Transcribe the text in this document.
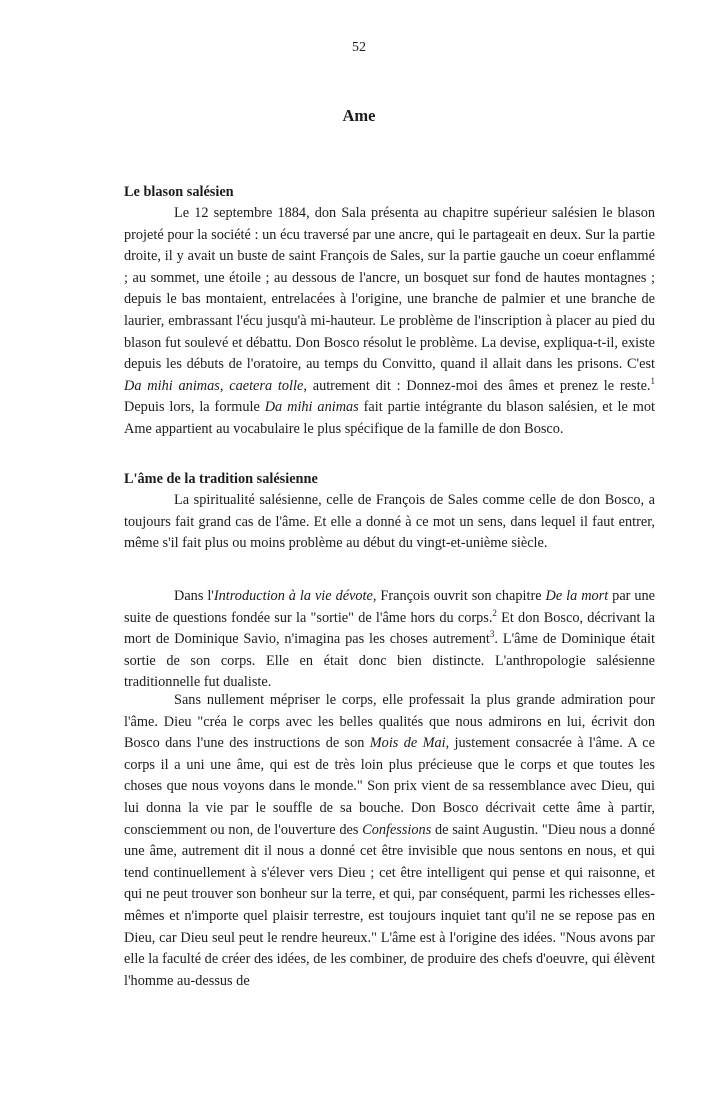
52
Ame

Le blason salésien

Le 12 septembre 1884, don Sala présenta au chapitre supérieur salésien le blason projeté pour la société : un écu traversé par une ancre, qui le partageait en deux. Sur la partie droite, il y avait un buste de saint François de Sales, sur la partie gauche un coeur enflammé ; au sommet, une étoile ; au dessous de l'ancre, un bosquet sur fond de hautes montagnes ; depuis le bas montaient, entrelacées à l'origine, une branche de palmier et une branche de laurier, embrassant l'écu jusqu'à mi-hauteur. Le problème de l'inscription à placer au pied du blason fut soulevé et débattu. Don Bosco résolut le problème. La devise, expliqua-t-il, existe depuis les débuts de l'oratoire, au temps du Convitto, quand il allait dans les prisons. C'est Da mihi animas, caetera tolle, autrement dit : Donnez-moi des âmes et prenez le reste.$^1$ Depuis lors, la formule Da mihi animas fait partie intégrante du blason salésien, et le mot Ame appartient au vocabulaire le plus spécifique de la famille de don Bosco.

L'âme de la tradition salésienne

La spiritualité salésienne, celle de François de Sales comme celle de don Bosco, a toujours fait grand cas de l'âme. Et elle a donné à ce mot un sens, dans lequel il faut entrer, même s'il fait plus ou moins problème au début du vingt-et-unième siècle.

Dans l'Introduction à la vie dévote, François ouvrit son chapitre De la mort par une suite de questions fondée sur la "sortie" de l'âme hors du corps.$^2$ Et don Bosco, décrivant la mort de Dominique Savio, n'imagina pas les choses autrement$^3$. L'âme de Dominique était sortie de son corps. Elle en était donc bien distincte. L'anthropologie salésienne traditionnelle fut dualiste.

Sans nullement mépriser le corps, elle professait la plus grande admiration pour l'âme. Dieu "créa le corps avec les belles qualités que nous admirons en lui, écrivit don Bosco dans l'une des instructions de son Mois de Mai, justement consacrée à l'âme. A ce corps il a uni une âme, qui est de très loin plus précieuse que le corps et que toutes les choses que nous voyons dans le monde." Son prix vient de sa ressemblance avec Dieu, qui lui donna la vie par le souffle de sa bouche. Don Bosco décrivait cette âme à partir, consciemment ou non, de l'ouverture des Confessions de saint Augustin. "Dieu nous a donné une âme, autrement dit il nous a donné cet être invisible que nous sentons en nous, et qui tend continuellement à s'élever vers Dieu ; cet être intelligent qui pense et qui raisonne, et qui ne peut trouver son bonheur sur la terre, et qui, par conséquent, parmi les richesses elles-mêmes et n'importe quel plaisir terrestre, est toujours inquiet tant qu'il ne se repose pas en Dieu, car Dieu seul peut le rendre heureux." L'âme est à l'origine des idées. "Nous avons par elle la faculté de créer des idées, de les combiner, de produire des chefs d'oeuvre, qui élèvent l'homme au-dessus de
